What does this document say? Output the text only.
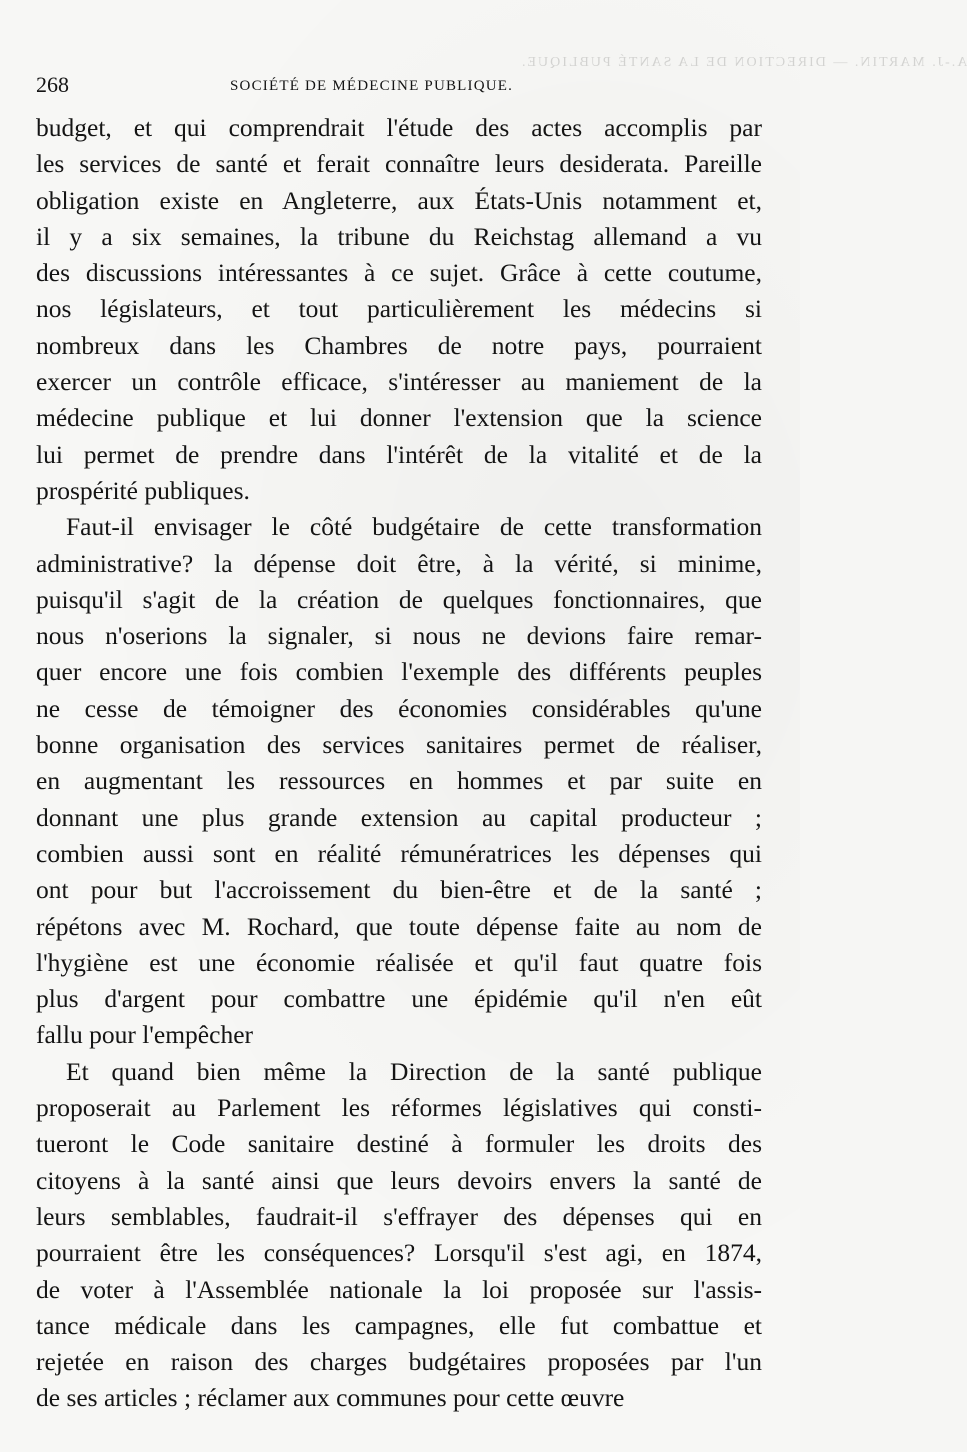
A.-J. MARTIN. — DIRECTION DE LA SANTÉ PUBLIQUE.
268	SOCIÉTÉ DE MÉDECINE PUBLIQUE.
budget, et qui comprendrait l'étude des actes accomplis par
les services de santé et ferait connaître leurs desiderata. Pareille
obligation existe en Angleterre, aux États-Unis notamment et,
il y a six semaines, la tribune du Reichstag allemand a vu
des discussions intéressantes à ce sujet. Grâce à cette coutume,
nos législateurs, et tout particulièrement les médecins si
nombreux dans les Chambres de notre pays, pourraient
exercer un contrôle efficace, s'intéresser au maniement de la
médecine publique et lui donner l'extension que la science
lui permet de prendre dans l'intérêt de la vitalité et de la
prospérité publiques.
Faut-il envisager le côté budgétaire de cette transformation
administrative? la dépense doit être, à la vérité, si minime,
puisqu'il s'agit de la création de quelques fonctionnaires, que
nous n'oserions la signaler, si nous ne devions faire remar-
quer encore une fois combien l'exemple des différents peuples
ne cesse de témoigner des économies considérables qu'une
bonne organisation des services sanitaires permet de réaliser,
en augmentant les ressources en hommes et par suite en
donnant une plus grande extension au capital producteur ;
combien aussi sont en réalité rémunératrices les dépenses qui
ont pour but l'accroissement du bien-être et de la santé ;
répétons avec M. Rochard, que toute dépense faite au nom de
l'hygiène est une économie réalisée et qu'il faut quatre fois
plus d'argent pour combattre une épidémie qu'il n'en eût
fallu pour l'empêcher
Et quand bien même la Direction de la santé publique
proposerait au Parlement les réformes législatives qui consti-
tueront le Code sanitaire destiné à formuler les droits des
citoyens à la santé ainsi que leurs devoirs envers la santé de
leurs semblables, faudrait-il s'effrayer des dépenses qui en
pourraient être les conséquences? Lorsqu'il s'est agi, en 1874,
de voter à l'Assemblée nationale la loi proposée sur l'assis-
tance médicale dans les campagnes, elle fut combattue et
rejetée en raison des charges budgétaires proposées par l'un
de ses articles ; réclamer aux communes pour cette œuvre
